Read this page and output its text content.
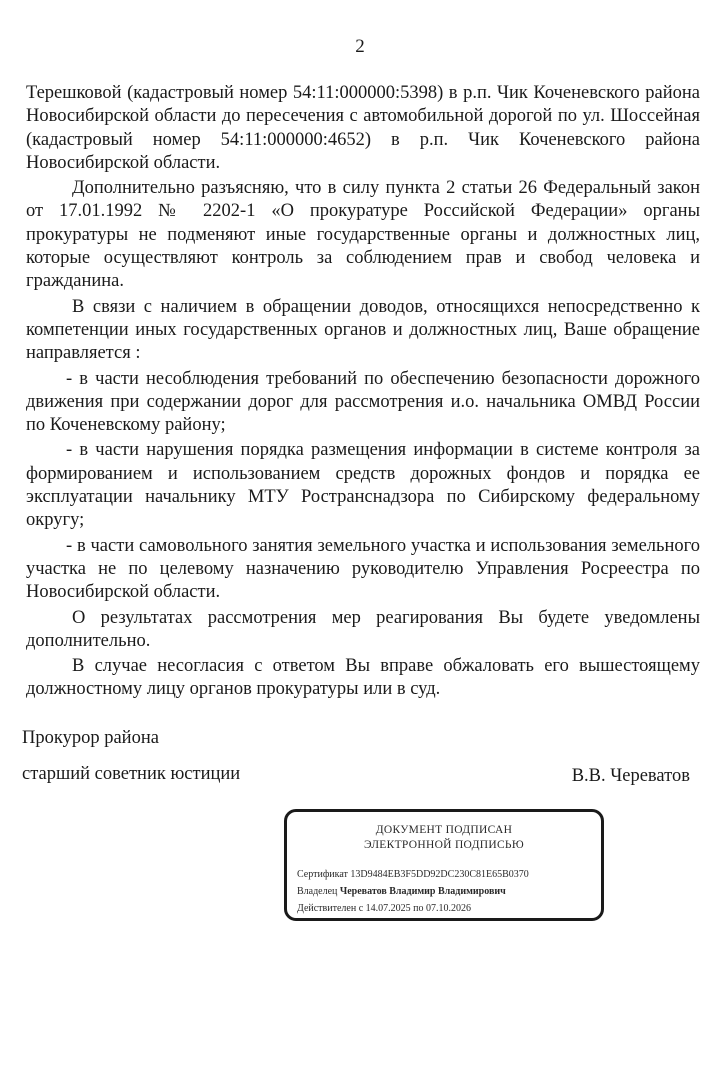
2

Терешковой (кадастровый номер 54:11:000000:5398) в р.п. Чик Коченевского района Новосибирской области до пересечения с автомобильной дорогой по ул. Шоссейная (кадастровый номер 54:11:000000:4652) в р.п. Чик Коченевского района Новосибирской области.

Дополнительно разъясняю, что в силу пункта 2 статьи 26 Федеральный закон от 17.01.1992 № 2202-1 «О прокуратуре Российской Федерации» органы прокуратуры не подменяют иные государственные органы и должностных лиц, которые осуществляют контроль за соблюдением прав и свобод человека и гражданина.

В связи с наличием в обращении доводов, относящихся непосредственно к компетенции иных государственных органов и должностных лиц, Ваше обращение направляется :

- в части несоблюдения требований по обеспечению безопасности дорожного движения при содержании дорог для рассмотрения и.о. начальника ОМВД России по Коченевскому району;

- в части нарушения порядка размещения информации в системе контроля за формированием и использованием средств дорожных фондов и порядка ее эксплуатации начальнику МТУ Ространснадзора по Сибирскому федеральному округу;

- в части самовольного занятия земельного участка и использования земельного участка не по целевому назначению руководителю Управления Росреестра по Новосибирской области.

О результатах рассмотрения мер реагирования Вы будете уведомлены дополнительно.

В случае несогласия с ответом Вы вправе обжаловать его вышестоящему должностному лицу органов прокуратуры или в суд.

Прокурор района
старший советник юстиции	В.В. Череватов
ДОКУМЕНТ ПОДПИСАН
ЭЛЕКТРОННОЙ ПОДПИСЬЮ
Сертификат 13D9484EB3F5DD92DC230C81E65B0370
Владелец Череватов Владимир Владимирович
Действителен с 14.07.2025 по 07.10.2026
